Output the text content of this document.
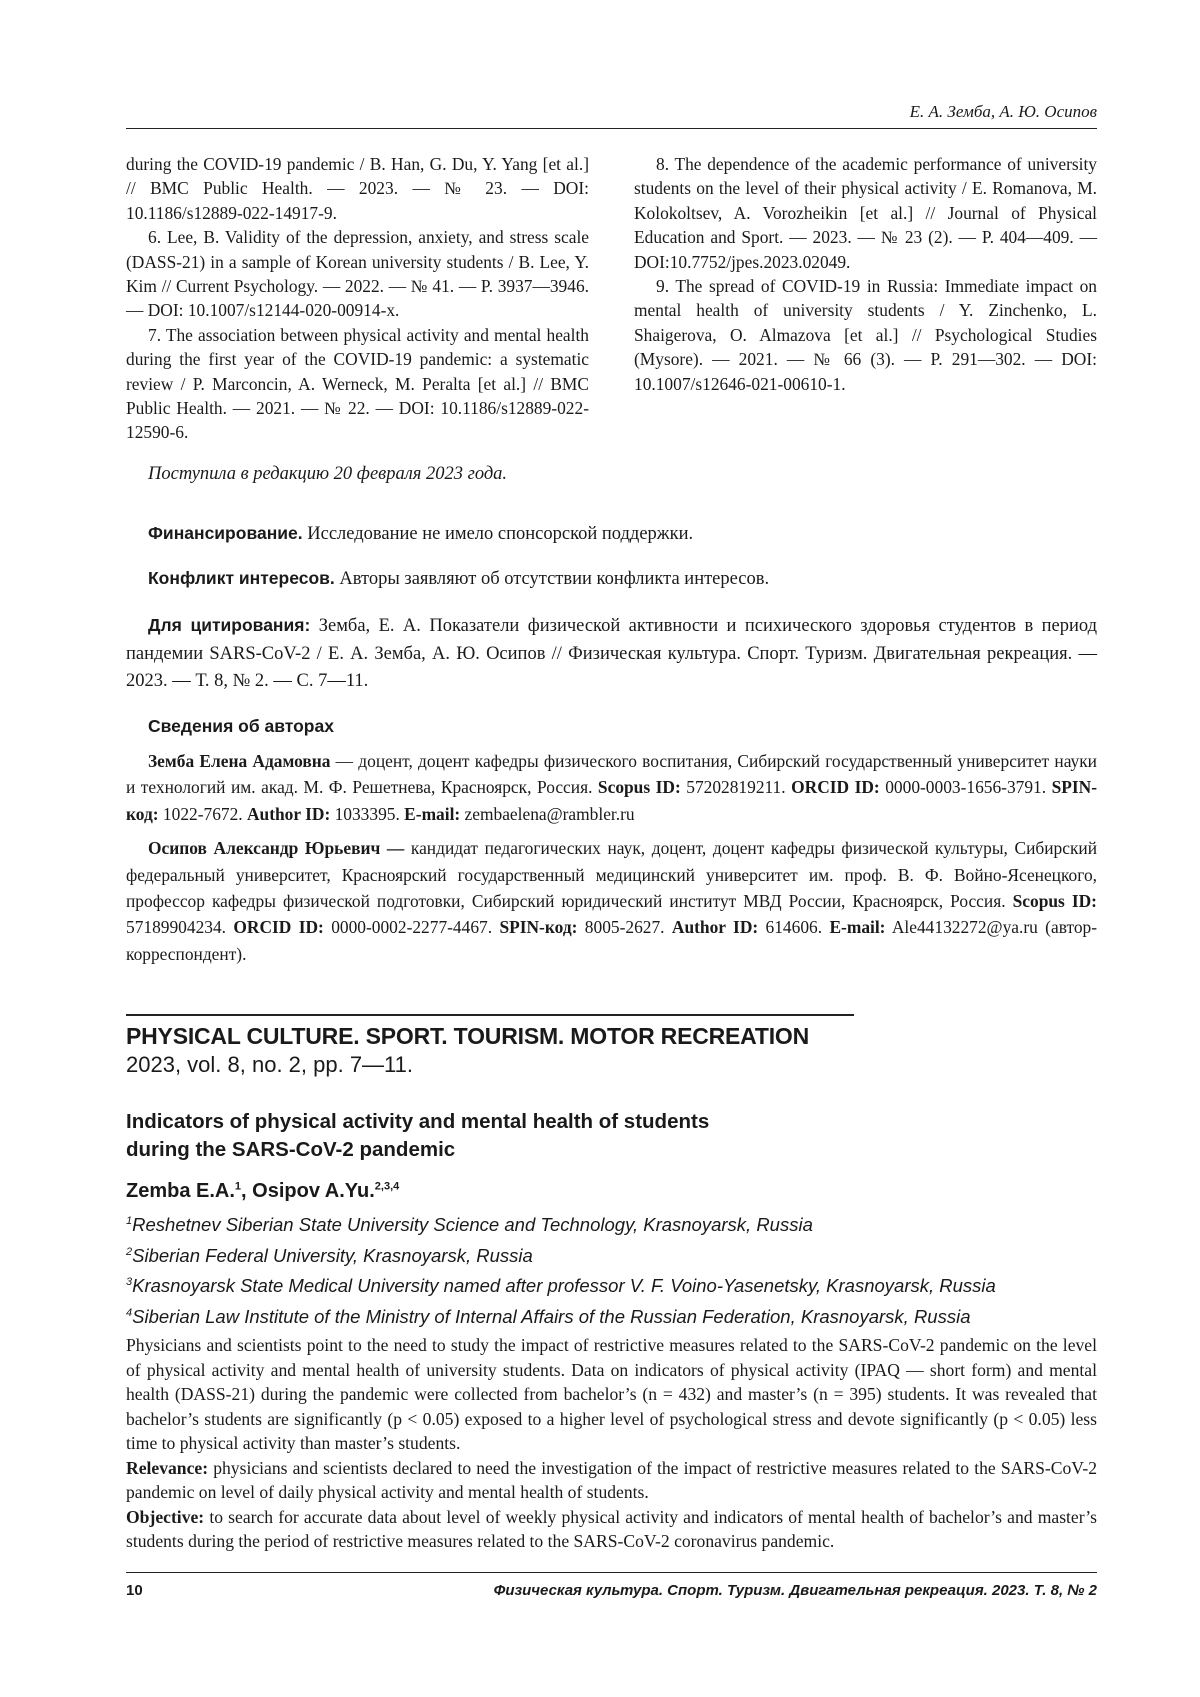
Е. А. Земба, А. Ю. Осипов

during the COVID-19 pandemic / B. Han, G. Du, Y. Yang [et al.] // BMC Public Health. — 2023. — № 23. — DOI: 10.1186/s12889-022-14917-9.

6. Lee, B. Validity of the depression, anxiety, and stress scale (DASS-21) in a sample of Korean university students / B. Lee, Y. Kim // Current Psychology. — 2022. — № 41. — P. 3937—3946. — DOI: 10.1007/s12144-020-00914-x.

7. The association between physical activity and mental health during the first year of the COVID-19 pandemic: a systematic review / P. Marconcin, A. Werneck, M. Peralta [et al.] // BMC Public Health. — 2021. — № 22. — DOI: 10.1186/s12889-022-12590-6.

8. The dependence of the academic performance of university students on the level of their physical activity / E. Romanova, M. Kolokoltsev, A. Vorozheikin [et al.] // Journal of Physical Education and Sport. — 2023. — № 23 (2). — P. 404—409. — DOI:10.7752/jpes.2023.02049.

9. The spread of COVID-19 in Russia: Immediate impact on mental health of university students / Y. Zinchenko, L. Shaigerova, O. Almazova [et al.] // Psychological Studies (Mysore). — 2021. — № 66 (3). — P. 291—302. — DOI: 10.1007/s12646-021-00610-1.

Поступила в редакцию 20 февраля 2023 года.

Финансирование. Исследование не имело спонсорской поддержки.

Конфликт интересов. Авторы заявляют об отсутствии конфликта интересов.

Для цитирования: Земба, Е. А. Показатели физической активности и психического здоровья студентов в период пандемии SARS-CoV-2 / Е. А. Земба, А. Ю. Осипов // Физическая культура. Спорт. Туризм. Двигательная рекреация. — 2023. — Т. 8, № 2. — С. 7—11.

Сведения об авторах

Земба Елена Адамовна — доцент, доцент кафедры физического воспитания, Сибирский государственный университет науки и технологий им. акад. М. Ф. Решетнева, Красноярск, Россия. Scopus ID: 57202819211. ORCID ID: 0000-0003-1656-3791. SPIN-код: 1022-7672. Author ID: 1033395. E-mail: zembaelena@rambler.ru

Осипов Александр Юрьевич — кандидат педагогических наук, доцент, доцент кафедры физической культуры, Сибирский федеральный университет, Красноярский государственный медицинский университет им. проф. В. Ф. Войно-Ясенецкого, профессор кафедры физической подготовки, Сибирский юридический институт МВД России, Красноярск, Россия. Scopus ID: 57189904234. ORCID ID: 0000-0002-2277-4467. SPIN-код: 8005-2627. Author ID: 614606. E-mail: Ale44132272@ya.ru (автор-корреспондент).

PHYSICAL CULTURE. SPORT. TOURISM. MOTOR RECREATION
2023, vol. 8, no. 2, pp. 7—11.
Indicators of physical activity and mental health of students
during the SARS-CoV-2 pandemic
Zemba E.A.$^1$, Osipov A.Yu.$^{2,3,4}$
$^1$Reshetnev Siberian State University Science and Technology, Krasnoyarsk, Russia
$^2$Siberian Federal University, Krasnoyarsk, Russia
$^3$Krasnoyarsk State Medical University named after professor V. F. Voino-Yasenetsky, Krasnoyarsk, Russia
$^4$Siberian Law Institute of the Ministry of Internal Affairs of the Russian Federation, Krasnoyarsk, Russia

Physicians and scientists point to the need to study the impact of restrictive measures related to the SARS-CoV-2 pandemic on the level of physical activity and mental health of university students. Data on indicators of physical activity (IPAQ — short form) and mental health (DASS-21) during the pandemic were collected from bachelor’s (n = 432) and master’s (n = 395) students. It was revealed that bachelor’s students are significantly (p < 0.05) exposed to a higher level of psychological stress and devote significantly (p < 0.05) less time to physical activity than master’s students.

Relevance: physicians and scientists declared to need the investigation of the impact of restrictive measures related to the SARS-CoV-2 pandemic on level of daily physical activity and mental health of students.

Objective: to search for accurate data about level of weekly physical activity and indicators of mental health of bachelor’s and master’s students during the period of restrictive measures related to the SARS-CoV-2 coronavirus pandemic.

10	Физическая культура. Спорт. Туризм. Двигательная рекреация. 2023. Т. 8, № 2
